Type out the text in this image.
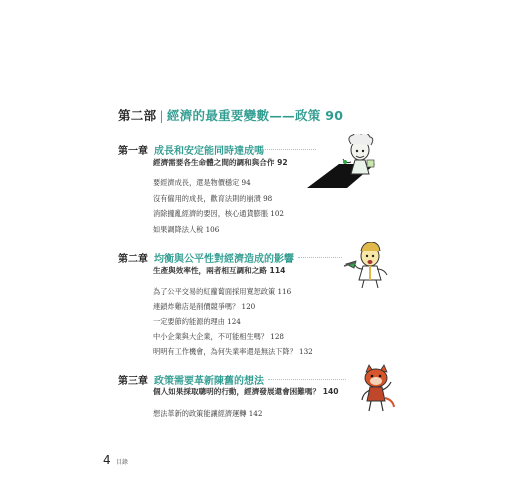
第二部 | 經濟的最重要變數——政策 90
第一章 成長和安定能同時達成嗎
經濟需要各生命體之間的調和與合作 92
要經濟成長，還是物價穩定 94
沒有僱用的成長，歡育法則的崩潰 98
消除攏亂經濟的要因，核心通貨膨脹 102
如果調降法人稅 106
第二章 均衡與公平性對經濟造成的影響
生產與效率性，兩者相互調和之路 114
為了公平交易的紅蘿蔔面採用寬恕政策 116
連鎖炸雞店是削價競爭嗎？ 120
一定要節約能源的理由 124
中小企業與大企業，不可能相生嗎？ 128
明明有工作機會，為何失業率還是無法下降？ 132
第三章 政策需要革新陳舊的想法
個人如果採取聰明的行動，經濟發展還會困難嗎？ 140
想法革新的政策能讓經濟運轉 142
4 目錄
